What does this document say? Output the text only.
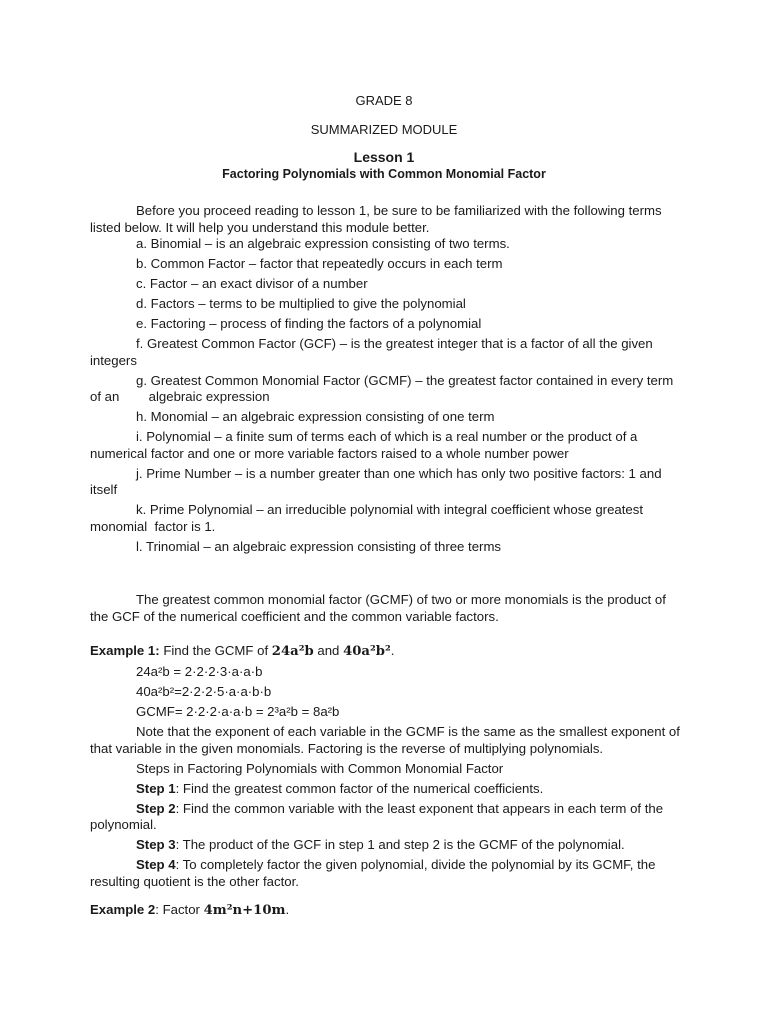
GRADE 8
SUMMARIZED MODULE
Lesson 1
Factoring Polynomials with Common Monomial Factor

Before you proceed reading to lesson 1, be sure to be familiarized with the following terms listed below. It will help you understand this module better.

a. Binomial – is an algebraic expression consisting of two terms.

b. Common Factor – factor that repeatedly occurs in each term

c. Factor – an exact divisor of a number

d. Factors – terms to be multiplied to give the polynomial

e. Factoring – process of finding the factors of a polynomial

f. Greatest Common Factor (GCF) – is the greatest integer that is a factor of all the given integers

g. Greatest Common Monomial Factor (GCMF) – the greatest factor contained in every term of an        algebraic expression

h. Monomial – an algebraic expression consisting of one term

i. Polynomial – a finite sum of terms each of which is a real number or the product of a numerical factor and one or more variable factors raised to a whole number power

j. Prime Number – is a number greater than one which has only two positive factors: 1 and itself

k. Prime Polynomial – an irreducible polynomial with integral coefficient whose greatest monomial  factor is 1.

l. Trinomial – an algebraic expression consisting of three terms

The greatest common monomial factor (GCMF) of two or more monomials is the product of the GCF of the numerical coefficient and the common variable factors.

Example 1: Find the GCMF of 24a²b and 40a²b².

24a²b = 2·2·2·3·a·a·b

40a²b²=2·2·2·5·a·a·b·b

GCMF= 2·2·2·a·a·b = 2³a²b = 8a²b

Note that the exponent of each variable in the GCMF is the same as the smallest exponent of that variable in the given monomials. Factoring is the reverse of multiplying polynomials.

Steps in Factoring Polynomials with Common Monomial Factor

Step 1: Find the greatest common factor of the numerical coefficients.

Step 2: Find the common variable with the least exponent that appears in each term of the polynomial.

Step 3: The product of the GCF in step 1 and step 2 is the GCMF of the polynomial.

Step 4: To completely factor the given polynomial, divide the polynomial by its GCMF, the resulting quotient is the other factor.

Example 2: Factor 4m²n+10m.
